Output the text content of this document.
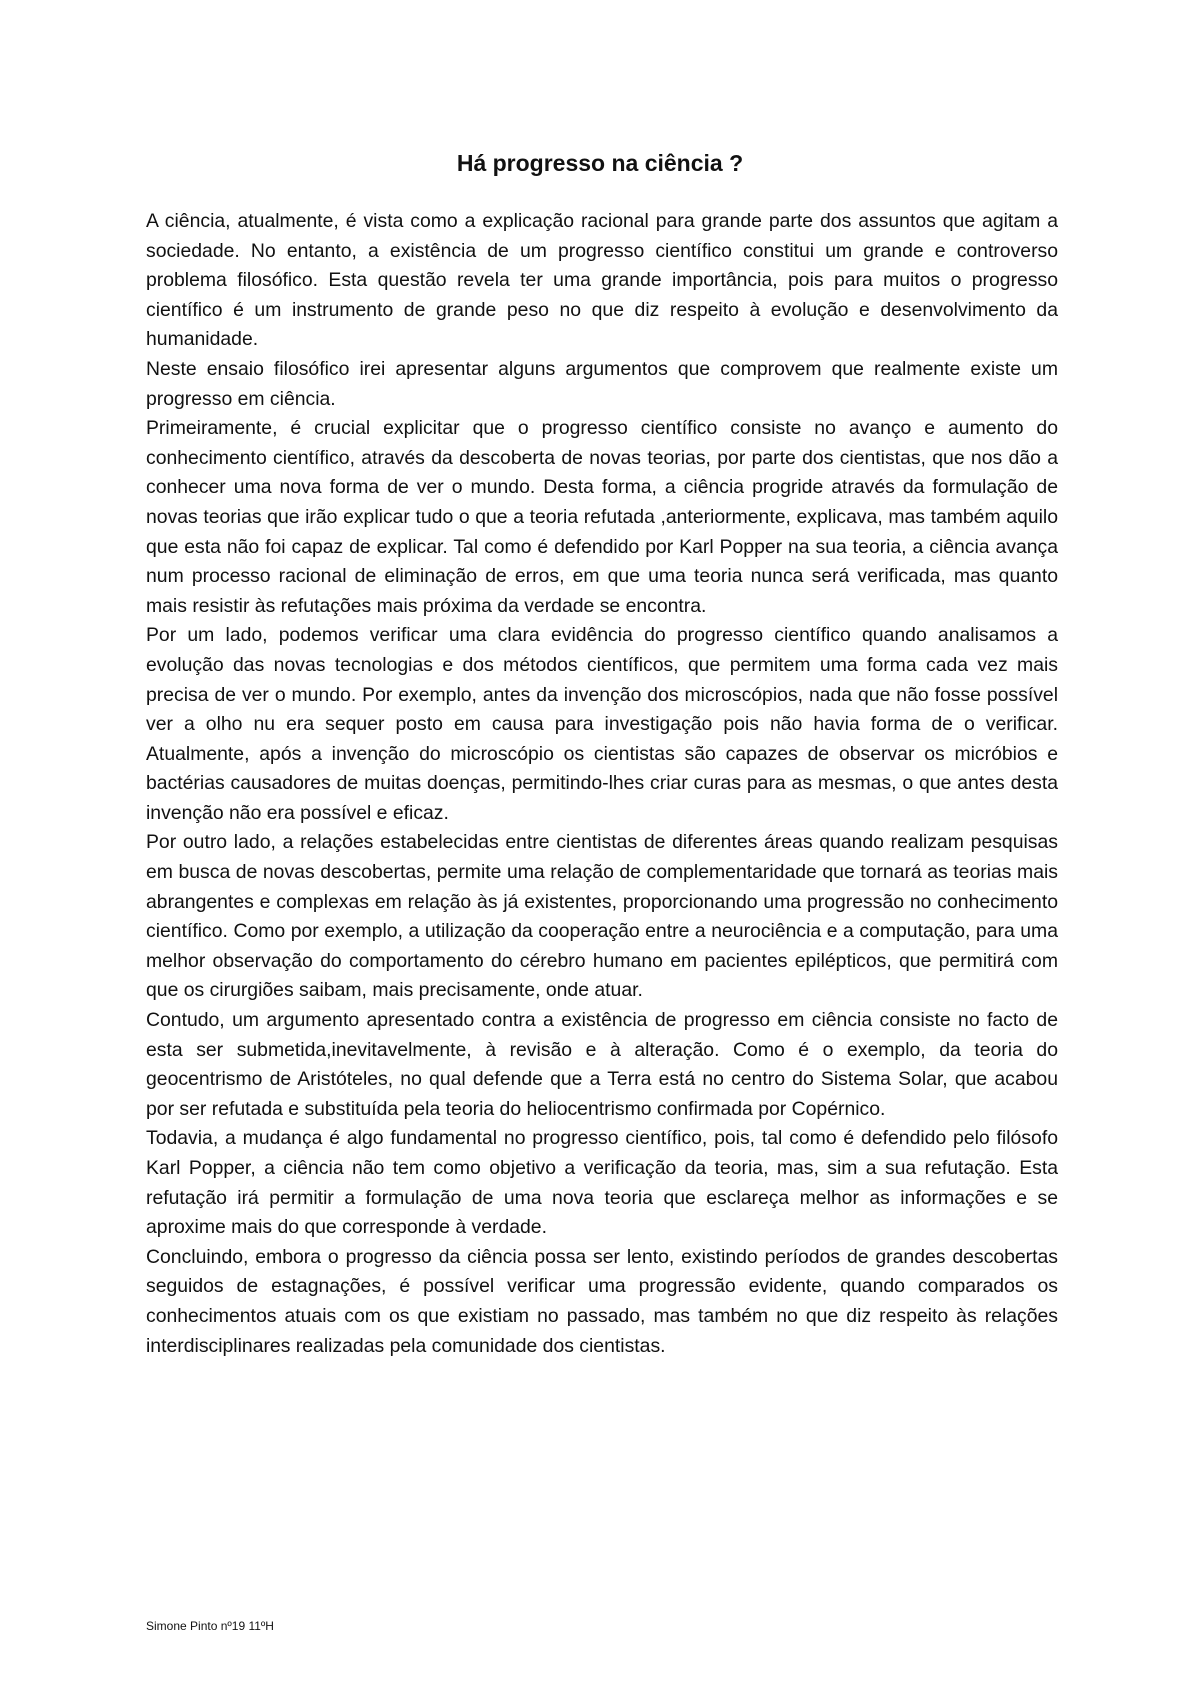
Há progresso na ciência ?

A ciência, atualmente, é vista como a explicação racional para grande parte dos assuntos que agitam a sociedade. No entanto, a existência de um progresso científico constitui um grande e controverso problema filosófico. Esta questão revela ter uma grande importância, pois para muitos o progresso científico é um instrumento de grande peso no que diz respeito à evolução e desenvolvimento da humanidade.

Neste ensaio filosófico irei apresentar alguns argumentos que comprovem que realmente existe um progresso em ciência.

Primeiramente, é crucial explicitar que o progresso científico consiste no avanço e aumento do conhecimento científico, através da descoberta de novas teorias, por parte dos cientistas, que nos dão a conhecer uma nova forma de ver o mundo. Desta forma, a ciência progride através da formulação de novas teorias que irão explicar tudo o que a teoria refutada ,anteriormente, explicava, mas também aquilo que esta não foi capaz de explicar. Tal como é defendido por Karl Popper na sua teoria, a ciência avança num processo racional de eliminação de erros, em que uma teoria nunca será verificada, mas quanto mais resistir às refutações mais próxima da verdade se encontra.

Por um lado, podemos verificar uma clara evidência do progresso científico quando analisamos a evolução das novas tecnologias e dos métodos científicos, que permitem uma forma cada vez mais precisa de ver o mundo. Por exemplo, antes da invenção dos microscópios, nada que não fosse possível ver a olho nu era sequer posto em causa para investigação pois não havia forma de o verificar. Atualmente, após a invenção do microscópio os cientistas são capazes de observar os micróbios e bactérias causadores de muitas doenças, permitindo-lhes criar curas para as mesmas, o que antes desta invenção não era possível e eficaz.

Por outro lado, a relações estabelecidas entre cientistas de diferentes áreas quando realizam pesquisas em busca de novas descobertas, permite uma relação de complementaridade que tornará as teorias mais abrangentes e complexas em relação às já existentes, proporcionando uma progressão no conhecimento científico. Como por exemplo, a utilização da cooperação entre a neurociência e a computação, para uma melhor observação do comportamento do cérebro humano em pacientes epilépticos, que permitirá com que os cirurgiões saibam, mais precisamente, onde atuar.

Contudo, um argumento apresentado contra a existência de progresso em ciência consiste no facto de esta ser submetida,inevitavelmente, à revisão e à alteração. Como é o exemplo, da teoria do geocentrismo de Aristóteles, no qual defende que a Terra está no centro do Sistema Solar, que acabou por ser refutada e substituída pela teoria do heliocentrismo confirmada por Copérnico.

Todavia, a mudança é algo fundamental no progresso científico, pois, tal como é defendido pelo filósofo Karl Popper, a ciência não tem como objetivo a verificação da teoria, mas, sim a sua refutação. Esta refutação irá permitir a formulação de uma nova teoria que esclareça melhor as informações e se aproxime mais do que corresponde à verdade.

Concluindo, embora o progresso da ciência possa ser lento, existindo períodos de grandes descobertas seguidos de estagnações, é possível verificar uma progressão evidente, quando comparados os conhecimentos atuais com os que existiam no passado, mas também no que diz respeito às relações interdisciplinares realizadas pela comunidade dos cientistas.

Simone Pinto nº19 11ºH
